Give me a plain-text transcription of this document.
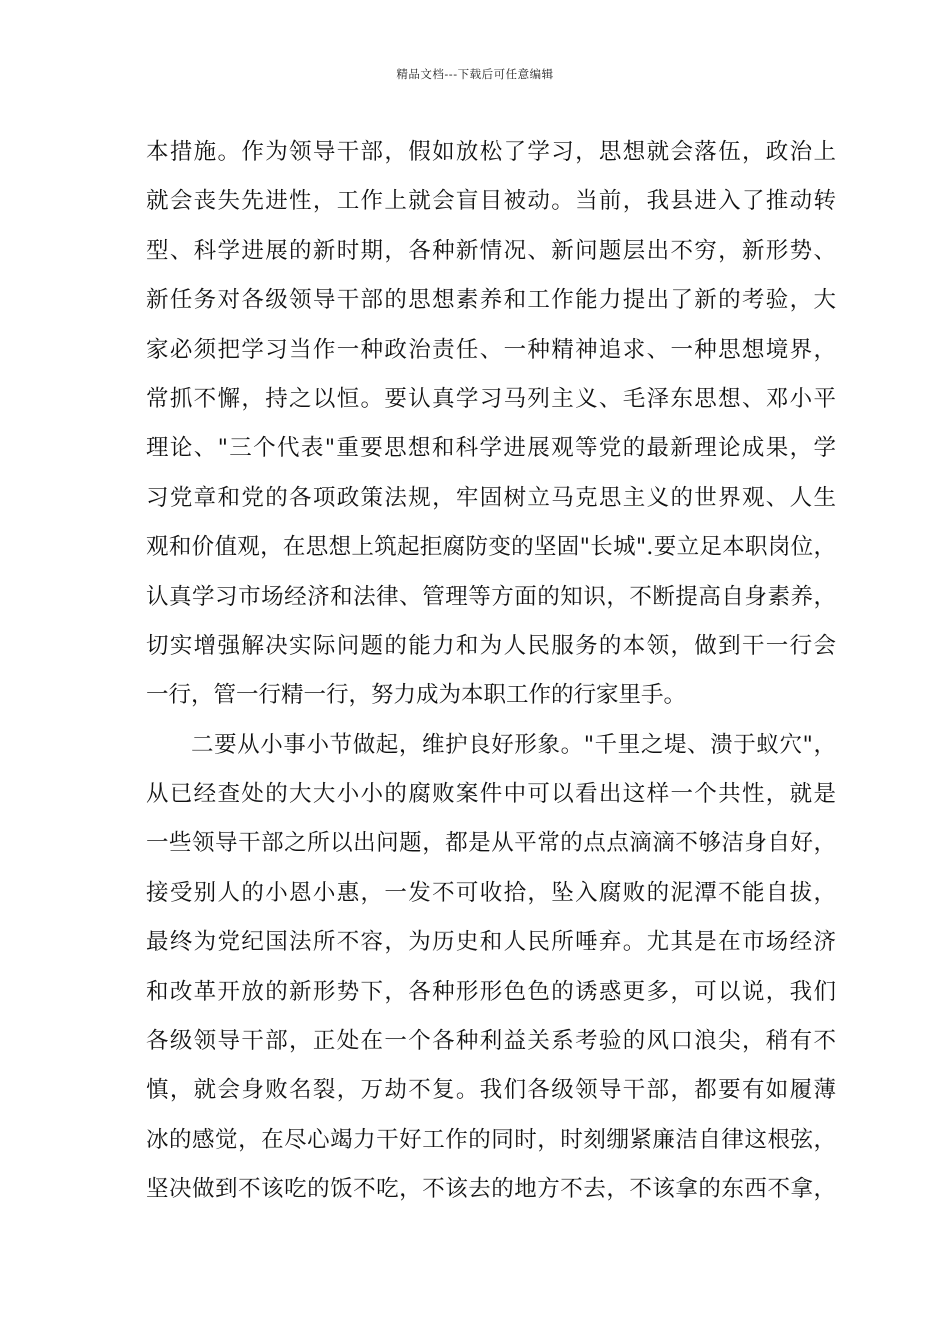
精品文档---下载后可任意编辑
本措施。作为领导干部，假如放松了学习，思想就会落伍，政治上
就会丧失先进性，工作上就会盲目被动。当前，我县进入了推动转
型、科学进展的新时期，各种新情况、新问题层出不穷，新形势、
新任务对各级领导干部的思想素养和工作能力提出了新的考验，大
家必须把学习当作一种政治责任、一种精神追求、一种思想境界，
常抓不懈，持之以恒。要认真学习马列主义、毛泽东思想、邓小平
理论、"三个代表"重要思想和科学进展观等党的最新理论成果，学
习党章和党的各项政策法规，牢固树立马克思主义的世界观、人生
观和价值观，在思想上筑起拒腐防变的坚固"长城".要立足本职岗位，
认真学习市场经济和法律、管理等方面的知识，不断提高自身素养，
切实增强解决实际问题的能力和为人民服务的本领，做到干一行会
一行，管一行精一行，努力成为本职工作的行家里手。
二要从小事小节做起，维护良好形象。"千里之堤、溃于蚁穴"，
从已经查处的大大小小的腐败案件中可以看出这样一个共性，就是
一些领导干部之所以出问题，都是从平常的点点滴滴不够洁身自好，
接受别人的小恩小惠，一发不可收拾，坠入腐败的泥潭不能自拔，
最终为党纪国法所不容，为历史和人民所唾弃。尤其是在市场经济
和改革开放的新形势下，各种形形色色的诱惑更多，可以说，我们
各级领导干部，正处在一个各种利益关系考验的风口浪尖，稍有不
慎，就会身败名裂，万劫不复。我们各级领导干部，都要有如履薄
冰的感觉，在尽心竭力干好工作的同时，时刻绷紧廉洁自律这根弦，
坚决做到不该吃的饭不吃，不该去的地方不去，不该拿的东西不拿，
